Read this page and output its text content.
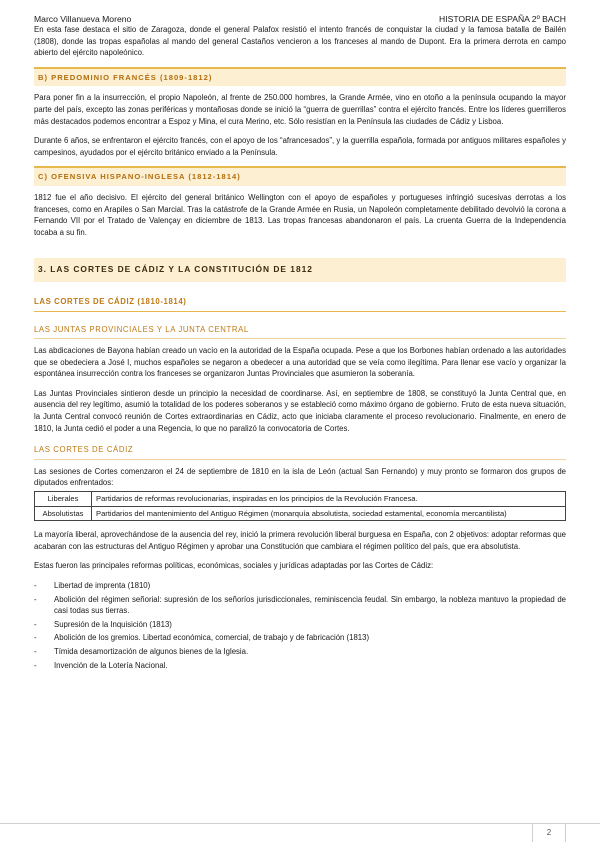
Marco Villanueva Moreno	HISTORIA DE ESPAÑA 2º BACH

En esta fase destaca el sitio de Zaragoza, donde el general Palafox resistió el intento francés de conquistar la ciudad y la famosa batalla de Bailén (1808), donde las tropas españolas al mando del general Castaños vencieron a los franceses al mando de Dupont. Era la primera derrota en campo abierto del ejército napoleónico.

B) PREDOMINIO FRANCÉS (1809-1812)

Para poner fin a la insurrección, el propio Napoleón, al frente de 250.000 hombres, la Grande Armée, vino en otoño a la península ocupando la mayor parte del país, excepto las zonas periféricas y montañosas donde se inició la “guerra de guerrillas” contra el ejército francés. Entre los líderes guerrilleros más destacados podemos encontrar a Espoz y Mina, el cura Merino, etc. Sólo resistían en la Península las ciudades de Cádiz y Lisboa.

Durante 6 años, se enfrentaron el ejército francés, con el apoyo de los “afrancesados”, y la guerrilla española, formada por antiguos militares españoles y campesinos, ayudados por el ejército británico enviado a la Península.

C) OFENSIVA HISPANO-INGLESA (1812-1814)

1812 fue el año decisivo. El ejército del general británico Wellington con el apoyo de españoles y portugueses infringió sucesivas derrotas a los franceses, como en Arapiles o San Marcial. Tras la catástrofe de la Grande Armée en Rusia, un Napoleón completamente debilitado devolvió la corona a Fernando VII por el Tratado de Valençay en diciembre de 1813. Las tropas francesas abandonaron el país. La cruenta Guerra de la Independencia tocaba a su fin.

3. LAS CORTES DE CÁDIZ Y LA CONSTITUCIÓN DE 1812
LAS CORTES DE CÁDIZ (1810-1814)
LAS JUNTAS PROVINCIALES Y LA JUNTA CENTRAL

Las abdicaciones de Bayona habían creado un vacío en la autoridad de la España ocupada. Pese a que los Borbones habían ordenado a las autoridades que se obedeciera a José I, muchos españoles se negaron a obedecer a una autoridad que se veía como ilegítima. Para llenar ese vacío y organizar la espontánea insurrección contra los franceses se organizaron Juntas Provinciales que asumieron la soberanía.

Las Juntas Provinciales sintieron desde un principio la necesidad de coordinarse. Así, en septiembre de 1808, se constituyó la Junta Central que, en ausencia del rey legítimo, asumió la totalidad de los poderes soberanos y se estableció como máximo órgano de gobierno. Fruto de esta nueva situación, la Junta Central convocó reunión de Cortes extraordinarias en Cádiz, acto que iniciaba claramente el proceso revolucionario. Finalmente, en enero de 1810, la Junta cedió el poder a una Regencia, lo que no paralizó la convocatoria de Cortes.

LAS CORTES DE CÁDIZ

Las sesiones de Cortes comenzaron el 24 de septiembre de 1810 en la isla de León (actual San Fernando) y muy pronto se formaron dos grupos de diputados enfrentados:

Liberales	Partidarios de reformas revolucionarias, inspiradas en los principios de la Revolución Francesa.
Absolutistas	Partidarios del mantenimiento del Antiguo Régimen (monarquía absolutista, sociedad estamental, economía mercantilista)

La mayoría liberal, aprovechándose de la ausencia del rey, inició la primera revolución liberal burguesa en España, con 2 objetivos: adoptar reformas que acabaran con las estructuras del Antiguo Régimen y aprobar una Constitución que cambiara el régimen político del país, que era absolutista.

Estas fueron las principales reformas políticas, económicas, sociales y jurídicas adaptadas por las Cortes de Cádiz:

- Libertad de imprenta (1810)
- Abolición del régimen señorial: supresión de los señoríos jurisdiccionales, reminiscencia feudal. Sin embargo, la nobleza mantuvo la propiedad de casi todas sus tierras.
- Supresión de la Inquisición (1813)
- Abolición de los gremios. Libertad económica, comercial, de trabajo y de fabricación (1813)
- Tímida desamortización de algunos bienes de la Iglesia.
- Invención de la Lotería Nacional.
2
